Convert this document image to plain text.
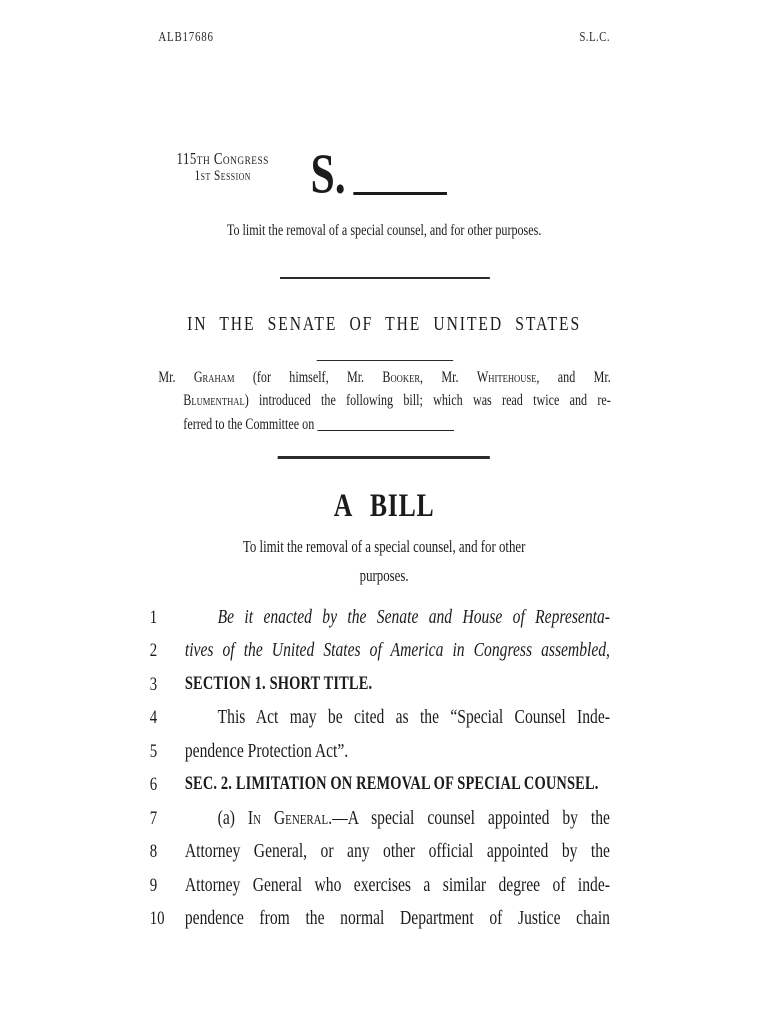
ALB17686	S.L.C.
115th Congress
1st Session	S.
To limit the removal of a special counsel, and for other purposes.
IN THE SENATE OF THE UNITED STATES
Mr. Graham (for himself, Mr. Booker, Mr. Whitehouse, and Mr.
Blumenthal) introduced the following bill; which was read twice and re-
ferred to the Committee on
A BILL
To limit the removal of a special counsel, and for other
purposes.
1	Be it enacted by the Senate and House of Representa-
2 tives of the United States of America in Congress assembled,
3 SECTION 1. SHORT TITLE.
4	This Act may be cited as the “Special Counsel Inde-
5 pendence Protection Act”.
6 SEC. 2. LIMITATION ON REMOVAL OF SPECIAL COUNSEL.
7	(a) In General.—A special counsel appointed by the
8 Attorney General, or any other official appointed by the
9 Attorney General who exercises a similar degree of inde-
10 pendence from the normal Department of Justice chain
